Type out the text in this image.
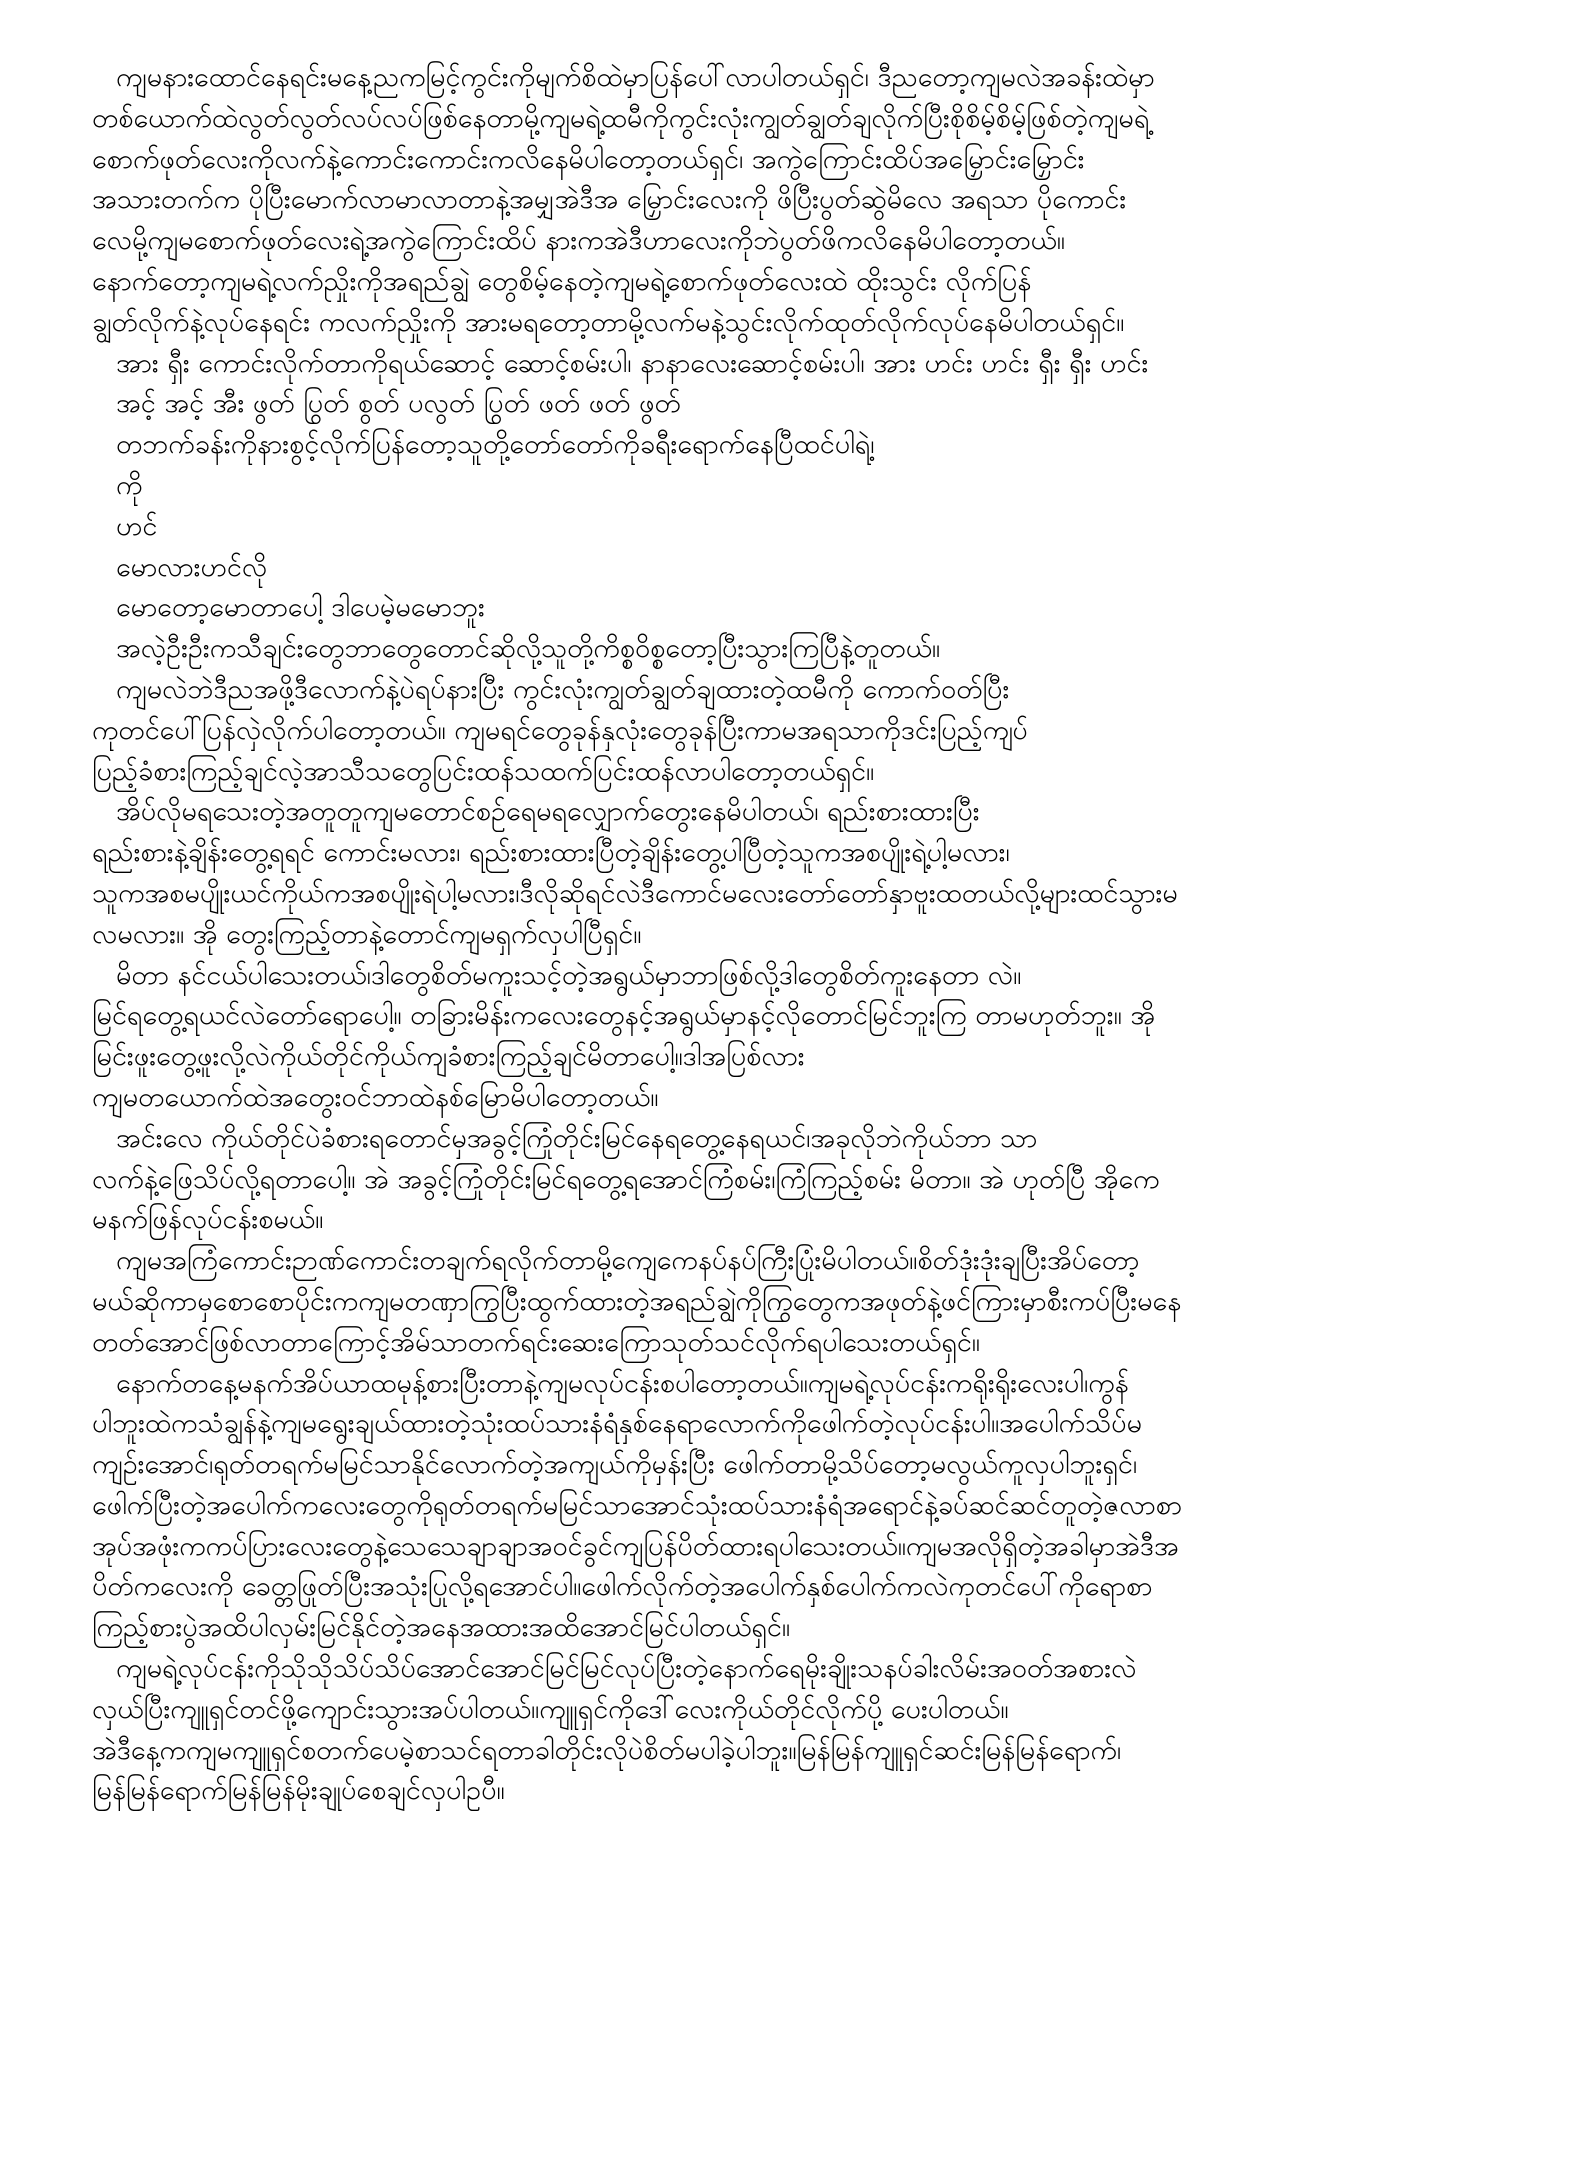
ကျမနားထောင်နေရင်းမနေ့ညကမြင့်ကွင်းကိုမျက်စိထဲမှာပြန်ပေါ်လာပါတယ်ရှင်၊ ဒီညတော့ကျမလဲအခန်းထဲမှာ
တစ်ယောက်ထဲလွတ်လွတ်လပ်လပ်ဖြစ်နေတာမို့ကျမရဲ့ထမီကိုကွင်းလုံးကျွတ်ချွတ်ချလိုက်ပြီးစိုစိမ့်စိမ့်ဖြစ်တဲ့ကျမရဲ့
စောက်ဖုတ်လေးကိုလက်နဲ့ကောင်းကောင်းကလိနေမိပါတော့တယ်ရှင်၊ အကွဲကြောင်းထိပ်အမြှောင်းမြှောင်း
အသားတက်က ပိုပြီးမောက်လာမာလာတာနဲ့အမျှအဲဒီအ မြှောင်းလေးကို ဖိပြီးပွတ်ဆွဲမိလေ အရသာ ပိုကောင်း
လေမို့ကျမစောက်ဖုတ်လေးရဲ့အကွဲကြောင်းထိပ် နားကအဲဒီဟာလေးကိုဘဲပွတ်ဖိကလိနေမိပါတော့တယ်။
နောက်တော့ကျမရဲ့လက်ညှိုးကိုအရည်ချွဲ တွေစိမ့်နေတဲ့ကျမရဲ့စောက်ဖုတ်လေးထဲ ထိုးသွင်း လိုက်ပြန်
ချွတ်လိုက်နဲ့လုပ်နေရင်း ကလက်ညှိုးကို အားမရတော့တာမို့လက်မနဲ့သွင်းလိုက်ထုတ်လိုက်လုပ်နေမိပါတယ်ရှင်။
အား ရှီး ကောင်းလိုက်တာကိုရယ်ဆောင့် ဆောင့်စမ်းပါ၊ နာနာလေးဆောင့်စမ်းပါ၊ အား ဟင်း ဟင်း ရှီး ရှီး ဟင်း
အင့် အင့် အီး ဖွတ် ပြွတ် စွတ် ပလွတ် ပြွတ် ဖတ် ဖတ် ဖွတ်
တဘက်ခန်းကိုနားစွင့်လိုက်ပြန်တော့သူတို့တော်တော်ကိုခရီးရောက်နေပြီထင်ပါရဲ့၊
ကို
ဟင်
မောလားဟင်လို
မောတော့မောတာပေါ့ ဒါပေမဲ့မမောဘူး
အလဲ့ဦးဦးကသီချင်းတွေဘာတွေတောင်ဆိုလို့သူတို့ကိစ္စဝိစ္စတော့ပြီးသွားကြပြီနဲ့တူတယ်။
ကျမလဲဘဲဒီညအဖို့ဒီလောက်နဲ့ပဲရပ်နားပြီး ကွင်းလုံးကျွတ်ချွတ်ချထားတဲ့ထမီကို ကောက်ဝတ်ပြီး
ကုတင်ပေါ်ပြန်လှဲလိုက်ပါတော့တယ်။ ကျမရင်တွေခုန်နှလုံးတွေခုန်ပြီးကာမအရသာကိုဒင်းပြည့်ကျပ်
ပြည့်ခံစားကြည့်ချင်လဲ့အာသီသတွေပြင်းထန်သထက်ပြင်းထန်လာပါတော့တယ်ရှင်။
အိပ်လိုမရသေးတဲ့အတူတူကျမတောင်စဉ်ရေမရလျှောက်တွေးနေမိပါတယ်၊ ရည်းစားထားပြီး
ရည်းစားနဲ့ချိန်းတွေ့ရရင် ကောင်းမလား၊ ရည်းစားထားပြီတဲ့ချိန်းတွေ့ပါပြီတဲ့သူကအစပျိုးရဲ့ပါ့မလား၊
သူကအစမပျိုးယင်ကိုယ်ကအစပျိုးရဲပါ့မလား၊ဒီလိုဆိုရင်လဲဒီကောင်မလေးတော်တော်နှာဗူးထတယ်လို့များထင်သွားမ
လမလား။ အို တွေးကြည့်တာနဲ့တောင်ကျမရှက်လှပါပြီရှင်။
မိတာ နင်ငယ်ပါသေးတယ်၊ဒါတွေစိတ်မကူးသင့်တဲ့အရွယ်မှာဘာဖြစ်လို့ဒါတွေစိတ်ကူးနေတာ လဲ။
မြင်ရတွေ့ရယင်လဲတော်ရောပေါ့။ တခြားမိန်းကလေးတွေနင့်အရွယ်မှာနင့်လိုတောင်မြင်ဘူးကြ တာမဟုတ်ဘူး။ အို
မြင်းဖူးတွေ့ဖူးလို့လဲကိုယ်တိုင်ကိုယ်ကျခံစားကြည့်ချင်မိတာပေါ့။ဒါအပြစ်လား
ကျမတယောက်ထဲအတွေးဝင်ဘာထဲနစ်မြောမိပါတော့တယ်။
အင်းလေ ကိုယ်တိုင်ပဲခံစားရတောင်မှအခွင့်ကြုံတိုင်းမြင်နေရတွေ့နေရယင်၊အခုလိုဘဲကိုယ်ဘာ သာ
လက်နဲ့ဖြေသိပ်လို့ရတာပေါ့။ အဲ အခွင့်ကြုံတိုင်းမြင်ရတွေ့ရအောင်ကြံစမ်း၊ကြံကြည့်စမ်း မိတာ။ အဲ ဟုတ်ပြီ အိုကေ
မနက်ဖြန်လုပ်ငန်းစမယ်။
ကျမအကြံကောင်းဉာဏ်ကောင်းတချက်ရလိုက်တာမို့ကျေကေနပ်နပ်ကြီးပြုံးမိပါတယ်။စိတ်ဒုံးဒုံးချပြီးအိပ်တော့
မယ်ဆိုကာမှစောစောပိုင်းကကျမတဏှာကြွပြီးထွက်ထားတဲ့အရည်ချွဲကိုကြွတွေကအဖုတ်နဲ့ဖင်ကြားမှာစီးကပ်ပြီးမနေ
တတ်အောင်ဖြစ်လာတာကြောင့်အိမ်သာတက်ရင်းဆေးကြောသုတ်သင်လိုက်ရပါသေးတယ်ရှင်။
နောက်တနေ့မနက်အိပ်ယာထမုန့်စားပြီးတာနဲ့ကျမလုပ်ငန်းစပါတော့တယ်။ကျမရဲ့လုပ်ငန်းကရိုးရိုးလေးပါ၊ကွန်
ပါဘူးထဲကသံချွန်နဲ့ကျမရွေးချယ်ထားတဲ့သုံးထပ်သားနံရံနှစ်နေရာလောက်ကိုဖေါက်တဲ့လုပ်ငန်းပါ။အပေါက်သိပ်မ
ကျဉ်းအောင်၊ရုတ်တရက်မမြင်သာနိုင်လောက်တဲ့အကျယ်ကိုမှန်းပြီး ဖေါက်တာမို့သိပ်တော့မလွယ်ကူလှပါဘူးရှင်၊
ဖေါက်ပြီးတဲ့အပေါက်ကလေးတွေကိုရုတ်တရက်မမြင်သာအောင်သုံးထပ်သားနံရံအရောင်နဲ့ခပ်ဆင်ဆင်တူတဲ့ဇလာစာ
အုပ်အဖုံးကကပ်ပြားလေးတွေနဲ့သေသေချာချာအဝင်ခွင်ကျပြန်ပိတ်ထားရပါသေးတယ်။ကျမအလိုရှိတဲ့အခါမှာအဲဒီအ
ပိတ်ကလေးကို ခေတ္တဖြုတ်ပြီးအသုံးပြုလို့ရအောင်ပါ။ဖေါက်လိုက်တဲ့အပေါက်နှစ်ပေါက်ကလဲကုတင်ပေါ်ကိုရောစာ
ကြည့်စားပွဲအထိပါလှမ်းမြင်နိုင်တဲ့အနေအထားအထိအောင်မြင်ပါတယ်ရှင်။
ကျမရဲ့လုပ်ငန်းကိုသိုသိုသိပ်သိပ်အောင်အောင်မြင်မြင်လုပ်ပြီးတဲ့နောက်ရေမိုးချိုးသနပ်ခါးလိမ်းအဝတ်အစားလဲ
လှယ်ပြီးကျူရှင်တင်ဖို့ကျောင်းသွားအပ်ပါတယ်။ကျူရှင်ကိုဒေါ်လေးကိုယ်တိုင်လိုက်ပို့ ပေးပါတယ်။
အဲဒီနေ့ကကျမကျူရှင်စတက်ပေမဲ့စာသင်ရတာခါတိုင်းလိုပဲစိတ်မပါခဲ့ပါဘူး။မြန်မြန်ကျူရှင်ဆင်းမြန်မြန်ရောက်၊
မြန်မြန်ရောက်မြန်မြန်မိုးချုပ်စေချင်လှပါဥပီ။
